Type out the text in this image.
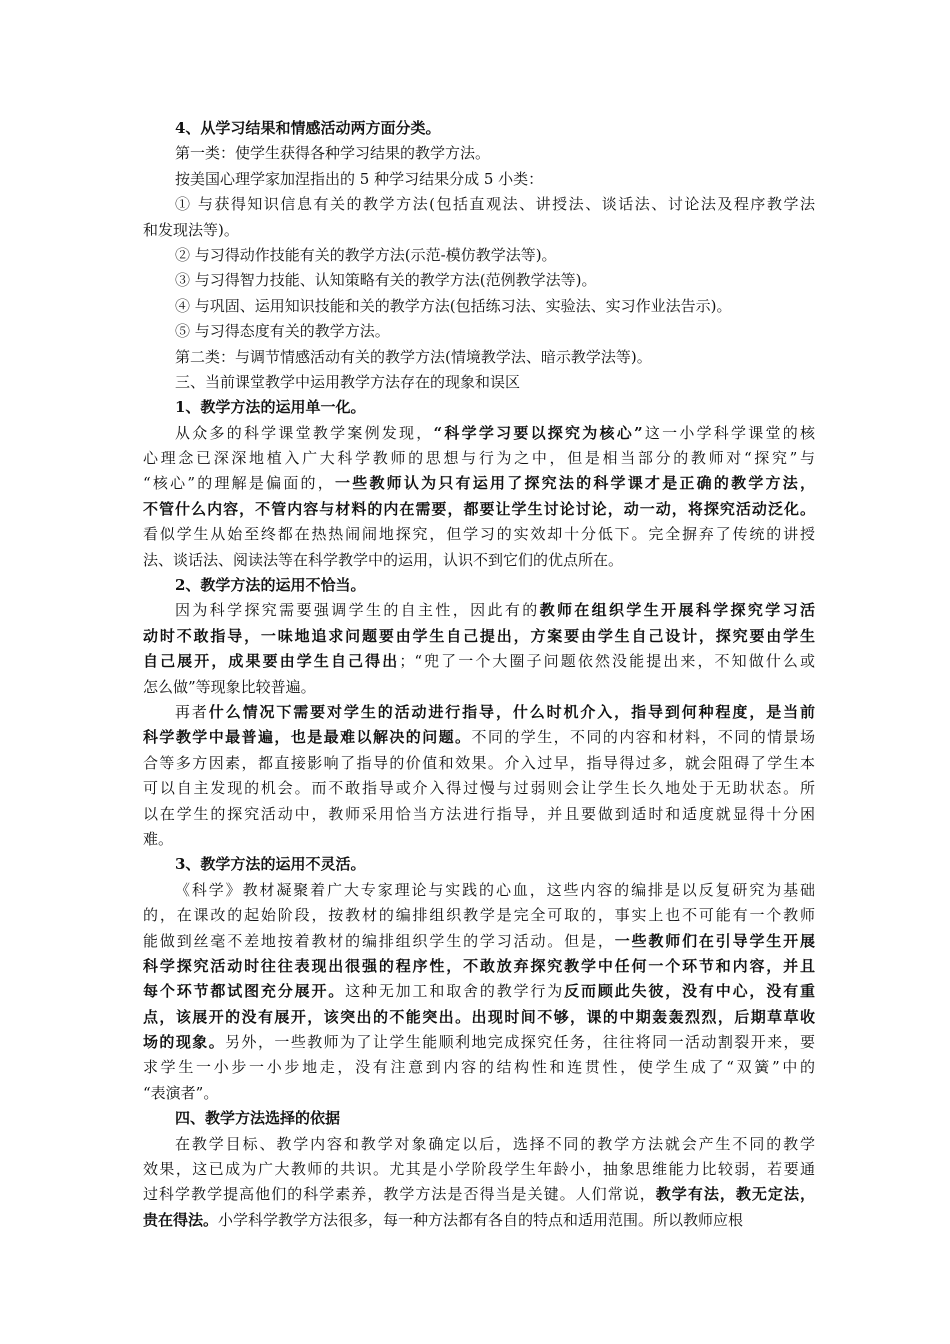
4、从学习结果和情感活动两方面分类。
第一类：使学生获得各种学习结果的教学方法。
按美国心理学家加涅指出的 5 种学习结果分成 5 小类：
① 与获得知识信息有关的教学方法(包括直观法、讲授法、谈话法、讨论法及程序教学法
和发现法等)。
② 与习得动作技能有关的教学方法(示范-模仿教学法等)。
③ 与习得智力技能、认知策略有关的教学方法(范例教学法等)。
④ 与巩固、运用知识技能和关的教学方法(包括练习法、实验法、实习作业法告示)。
⑤ 与习得态度有关的教学方法。
第二类：与调节情感活动有关的教学方法(情境教学法、暗示教学法等)。
三、当前课堂教学中运用教学方法存在的现象和误区
1、教学方法的运用单一化。
从众多的科学课堂教学案例发现，“科学学习要以探究为核心”这一小学科学课堂的核
心理念已深深地植入广大科学教师的思想与行为之中，但是相当部分的教师对“探究”与
“核心”的理解是偏面的，一些教师认为只有运用了探究法的科学课才是正确的教学方法，
不管什么内容，不管内容与材料的内在需要，都要让学生讨论讨论，动一动，将探究活动泛化。
看似学生从始至终都在热热闹闹地探究，但学习的实效却十分低下。完全摒弃了传统的讲授
法、谈话法、阅读法等在科学教学中的运用，认识不到它们的优点所在。
2、教学方法的运用不恰当。
因为科学探究需要强调学生的自主性，因此有的教师在组织学生开展科学探究学习活
动时不敢指导，一味地追求问题要由学生自己提出，方案要由学生自己设计，探究要由学生
自己展开，成果要由学生自己得出；“兜了一个大圈子问题依然没能提出来，不知做什么或
怎么做”等现象比较普遍。
再者什么情况下需要对学生的活动进行指导，什么时机介入，指导到何种程度，是当前
科学教学中最普遍，也是最难以解决的问题。不同的学生，不同的内容和材料，不同的情景场
合等多方因素，都直接影响了指导的价值和效果。介入过早，指导得过多，就会阻碍了学生本
可以自主发现的机会。而不敢指导或介入得过慢与过弱则会让学生长久地处于无助状态。所
以在学生的探究活动中，教师采用恰当方法进行指导，并且要做到适时和适度就显得十分困
难。
3、教学方法的运用不灵活。
《科学》教材凝聚着广大专家理论与实践的心血，这些内容的编排是以反复研究为基础
的，在课改的起始阶段，按教材的编排组织教学是完全可取的，事实上也不可能有一个教师
能做到丝毫不差地按着教材的编排组织学生的学习活动。但是，一些教师们在引导学生开展
科学探究活动时往往表现出很强的程序性，不敢放弃探究教学中任何一个环节和内容，并且
每个环节都试图充分展开。这种无加工和取舍的教学行为反而顾此失彼，没有中心，没有重
点，该展开的没有展开，该突出的不能突出。出现时间不够，课的中期轰轰烈烈，后期草草收
场的现象。另外，一些教师为了让学生能顺利地完成探究任务，往往将同一活动割裂开来，要
求学生一小步一小步地走，没有注意到内容的结构性和连贯性，使学生成了“双簧”中的
“表演者”。
四、教学方法选择的依据
在教学目标、教学内容和教学对象确定以后，选择不同的教学方法就会产生不同的教学
效果，这已成为广大教师的共识。尤其是小学阶段学生年龄小，抽象思维能力比较弱，若要通
过科学教学提高他们的科学素养，教学方法是否得当是关键。人们常说，教学有法，教无定法，
贵在得法。小学科学教学方法很多，每一种方法都有各自的特点和适用范围。所以教师应根
